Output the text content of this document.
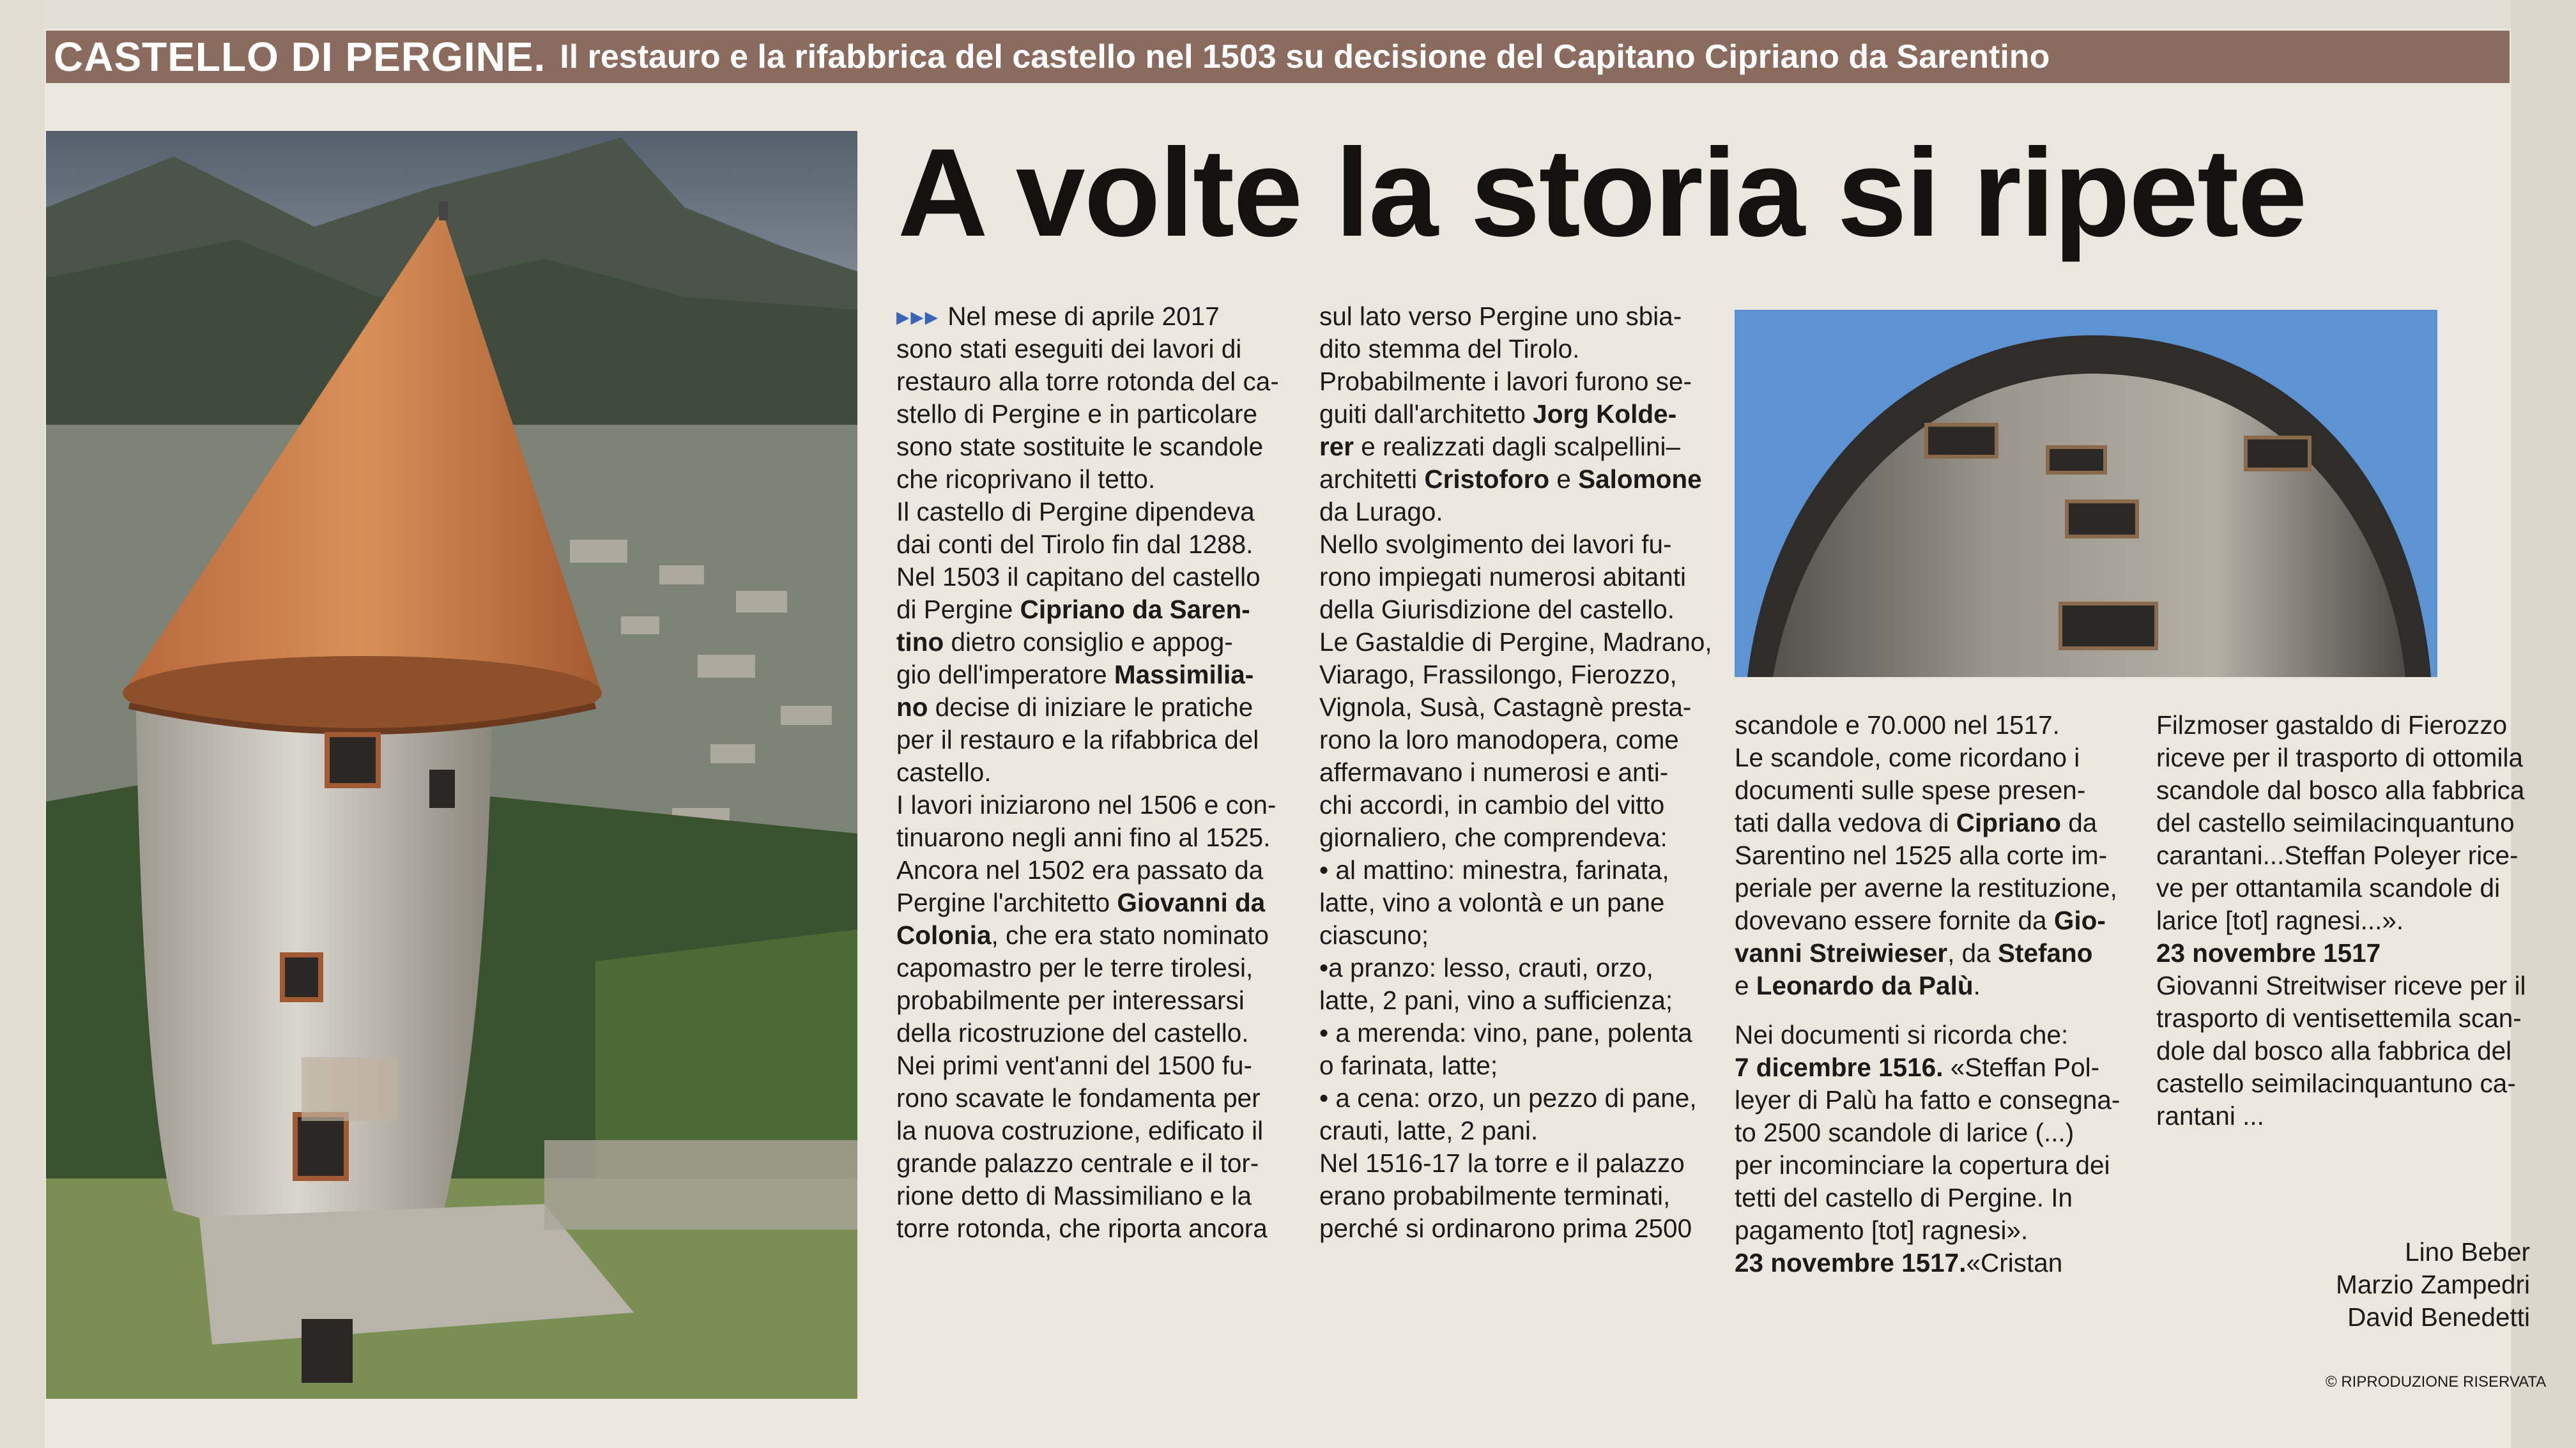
CASTELLO DI PERGINE. Il restauro e la rifabbrica del castello nel 1503 su decisione del Capitano Cipriano da Sarentino
A volte la storia si ripete

▸▸▸ Nel mese di aprile 2017

sono stati eseguiti dei lavori di

restauro alla torre rotonda del ca-

stello di Pergine e in particolare

sono state sostituite le scandole

che ricoprivano il tetto.

Il castello di Pergine dipendeva

dai conti del Tirolo fin dal 1288.

Nel 1503 il capitano del castello

di Pergine Cipriano da Saren-

tino dietro consiglio e appog-

gio dell'imperatore Massimilia-

no decise di iniziare le pratiche

per il restauro e la rifabbrica del

castello.

I lavori iniziarono nel 1506 e con-

tinuarono negli anni fino al 1525.

Ancora nel 1502 era passato da

Pergine l'architetto Giovanni da

Colonia, che era stato nominato

capomastro per le terre tirolesi,

probabilmente per interessarsi

della ricostruzione del castello.

Nei primi vent'anni del 1500 fu-

rono scavate le fondamenta per

la nuova costruzione, edificato il

grande palazzo centrale e il tor-

rione detto di Massimiliano e la

torre rotonda, che riporta ancora

sul lato verso Pergine uno sbia-

dito stemma del Tirolo.

Probabilmente i lavori furono se-

guiti dall'architetto Jorg Kolde-

rer e realizzati dagli scalpellini–

architetti Cristoforo e Salomone

da Lurago.

Nello svolgimento dei lavori fu-

rono impiegati numerosi abitanti

della Giurisdizione del castello.

Le Gastaldie di Pergine, Madrano,

Viarago, Frassilongo, Fierozzo,

Vignola, Susà, Castagnè presta-

rono la loro manodopera, come

affermavano i numerosi e anti-

chi accordi, in cambio del vitto

giornaliero, che comprendeva:

• al mattino: minestra, farinata,

latte, vino a volontà e un pane

ciascuno;

•a pranzo: lesso, crauti, orzo,

latte, 2 pani, vino a sufficienza;

• a merenda: vino, pane, polenta

o farinata, latte;

• a cena: orzo, un pezzo di pane,

crauti, latte, 2 pani.

Nel 1516-17 la torre e il palazzo

erano probabilmente terminati,

perché si ordinarono prima 2500

scandole e 70.000 nel 1517.

Le scandole, come ricordano i

documenti sulle spese presen-

tati dalla vedova di Cipriano da

Sarentino nel 1525 alla corte im-

periale per averne la restituzione,

dovevano essere fornite da Gio-

vanni Streiwieser, da Stefano

e Leonardo da Palù.

Nei documenti si ricorda che:

7 dicembre 1516. «Steffan Pol-

leyer di Palù ha fatto e consegna-

to 2500 scandole di larice (...)

per incominciare la copertura dei

tetti del castello di Pergine. In

pagamento [tot] ragnesi».

23 novembre 1517.«Cristan

Filzmoser gastaldo di Fierozzo

riceve per il trasporto di ottomila

scandole dal bosco alla fabbrica

del castello seimilacinquantuno

carantani...Steffan Poleyer rice-

ve per ottantamila scandole di

larice [tot] ragnesi...».

23 novembre 1517

Giovanni Streitwiser riceve per il

trasporto di ventisettemila scan-

dole dal bosco alla fabbrica del

castello seimilacinquantuno ca-

rantani ...

Lino Beber

Marzio Zampedri

David Benedetti

© RIPRODUZIONE RISERVATA
